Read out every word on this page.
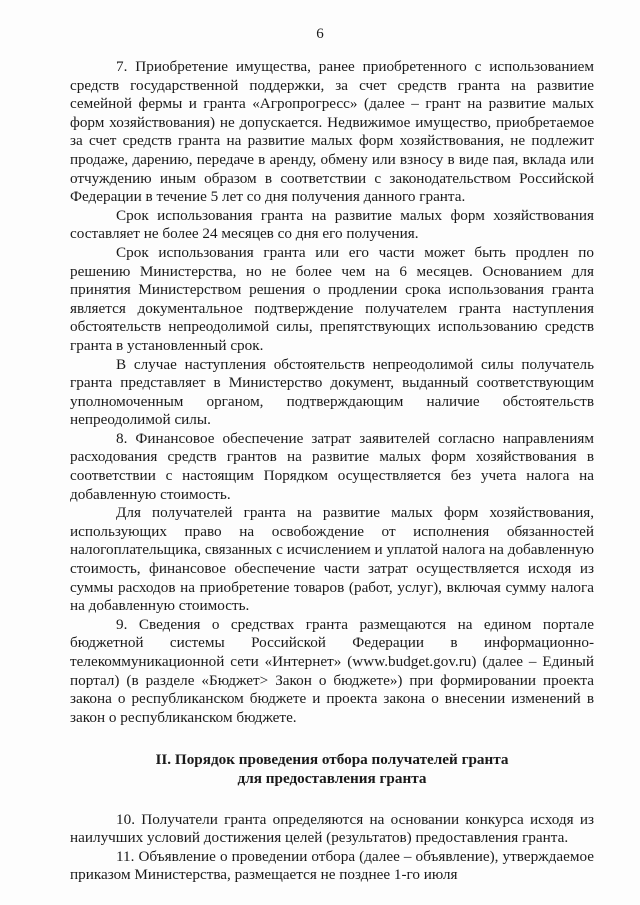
6

7. Приобретение имущества, ранее приобретенного с использованием средств государственной поддержки, за счет средств гранта на развитие семейной фермы и гранта «Агропрогресс» (далее – грант на развитие малых форм хозяйствования) не допускается. Недвижимое имущество, приобретаемое за счет средств гранта на развитие малых форм хозяйствования, не подлежит продаже, дарению, передаче в аренду, обмену или взносу в виде пая, вклада или отчуждению иным образом в соответствии с законодательством Российской Федерации в течение 5 лет со дня получения данного гранта.

Срок использования гранта на развитие малых форм хозяйствования составляет не более 24 месяцев со дня его получения.

Срок использования гранта или его части может быть продлен по решению Министерства, но не более чем на 6 месяцев. Основанием для принятия Министерством решения о продлении срока использования гранта является документальное подтверждение получателем гранта наступления обстоятельств непреодолимой силы, препятствующих использованию средств гранта в установленный срок.

В случае наступления обстоятельств непреодолимой силы получатель гранта представляет в Министерство документ, выданный соответствующим уполномоченным органом, подтверждающим наличие обстоятельств непреодолимой силы.

8. Финансовое обеспечение затрат заявителей согласно направлениям расходования средств грантов на развитие малых форм хозяйствования в соответствии с настоящим Порядком осуществляется без учета налога на добавленную стоимость.

Для получателей гранта на развитие малых форм хозяйствования, использующих право на освобождение от исполнения обязанностей налогоплательщика, связанных с исчислением и уплатой налога на добавленную стоимость, финансовое обеспечение части затрат осуществляется исходя из суммы расходов на приобретение товаров (работ, услуг), включая сумму налога на добавленную стоимость.

9. Сведения о средствах гранта размещаются на едином портале бюджетной системы Российской Федерации в информационно-телекоммуникационной сети «Интернет» (www.budget.gov.ru) (далее – Единый портал) (в разделе «Бюджет> Закон о бюджете») при формировании проекта закона о республиканском бюджете и проекта закона о внесении изменений в закон о республиканском бюджете.

II. Порядок проведения отбора получателей гранта
для предоставления гранта

10. Получатели гранта определяются на основании конкурса исходя из наилучших условий достижения целей (результатов) предоставления гранта.

11. Объявление о проведении отбора (далее – объявление), утверждаемое приказом Министерства, размещается не позднее 1-го июля
